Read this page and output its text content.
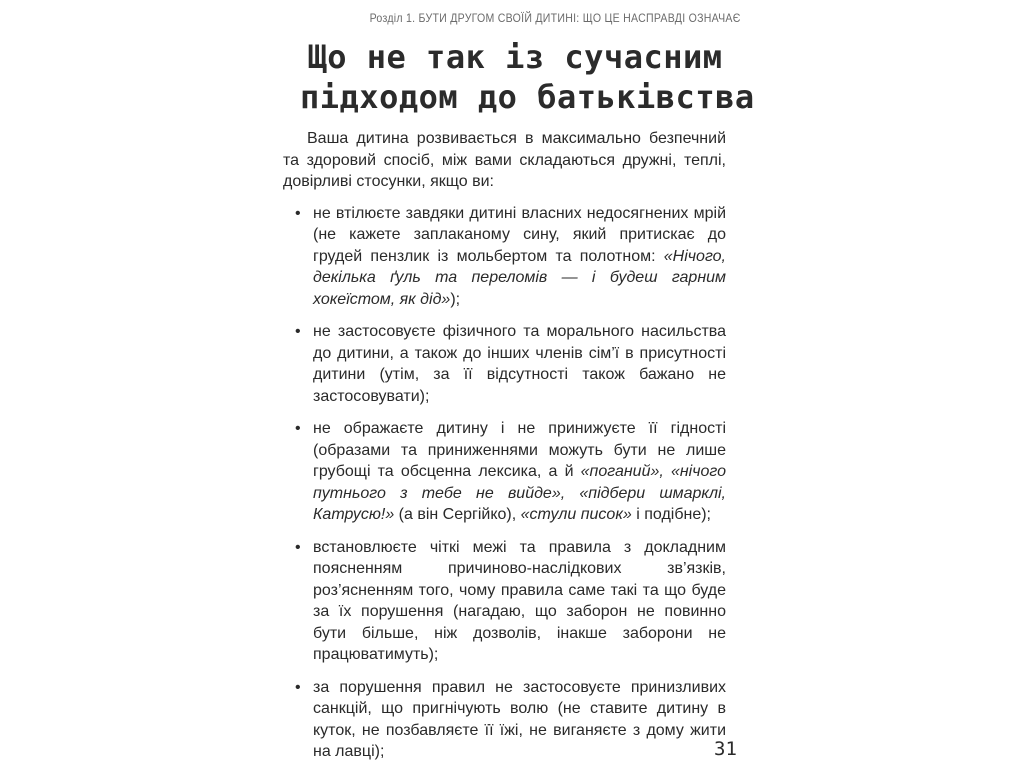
Розділ 1. БУТИ ДРУГОМ СВОЇЙ ДИТИНІ: ЩО ЦЕ НАСПРАВДІ ОЗНАЧАЄ
Що не так із сучасним
підходом до батьківства

Ваша дитина розвивається в максимально безпечний та здоровий спосіб, між вами складаються дружні, теплі, довірливі стосунки, якщо ви:

• не втілюєте завдяки дитині власних недосягнених мрій (не кажете заплаканому сину, який притискає до грудей пензлик із мольбертом та полотном: «Нічого, декілька ґуль та переломів — і будеш гарним хокеїстом, як дід»);
• не застосовуєте фізичного та морального насильства до дитини, а також до інших членів сім’ї в присутності дитини (утім, за її відсутності також бажано не застосовувати);
• не ображаєте дитину і не принижуєте її гідності (образами та приниженнями можуть бути не лише грубощі та обсценна лексика, а й «поганий», «нічого путнього з тебе не вийде», «підбери шмарклі, Катрусю!» (а він Сергійко), «стули писок» і подібне);
• встановлюєте чіткі межі та правила з докладним поясненням причиново-наслідкових зв’язків, роз’ясненням того, чому правила саме такі та що буде за їх порушення (нагадаю, що заборон не повинно бути більше, ніж дозволів, інакше заборони не працюватимуть);
• за порушення правил не застосовуєте принизливих санкцій, що пригнічують волю (не ставите дитину в куток, не позбавляєте її їжі, не виганяєте з дому жити на лавці);	31
